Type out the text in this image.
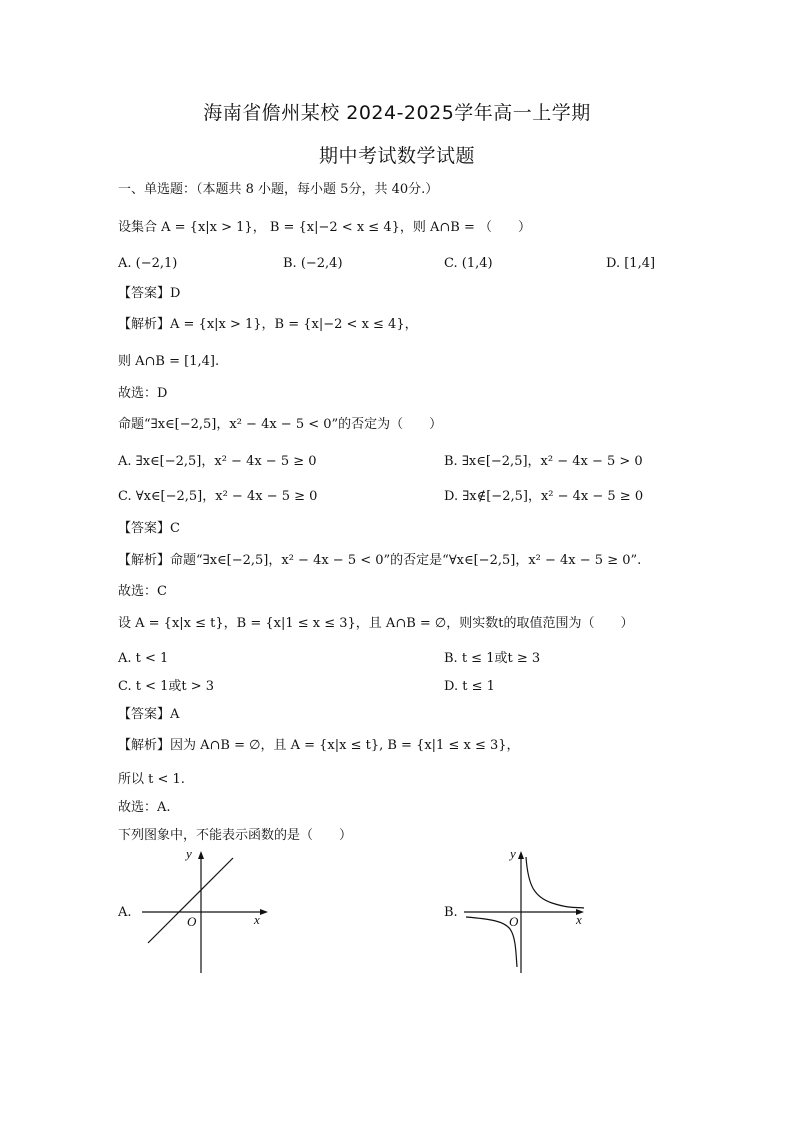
海南省儋州某校 2024-2025学年高一上学期
期中考试数学试题
一、单选题：（本题共 8 小题，每小题 5分，共 40分.）
设集合 A = {x|x > 1}， B = {x|−2 < x ≤ 4}，则 A∩B = （　　）
A. (−2,1)	B. (−2,4)	C. (1,4)	D. [1,4]
【答案】D
【解析】A = {x|x > 1}，B = {x|−2 < x ≤ 4}，
则 A∩B = [1,4].
故选：D
命题“∃x∈[−2,5]，x² − 4x − 5 < 0”的否定为（　　）
A. ∃x∈[−2,5]，x² − 4x − 5 ≥ 0	B. ∃x∈[−2,5]，x² − 4x − 5 > 0
C. ∀x∈[−2,5]，x² − 4x − 5 ≥ 0	D. ∃x∉[−2,5]，x² − 4x − 5 ≥ 0
【答案】C
【解析】命题“∃x∈[−2,5]，x² − 4x − 5 < 0”的否定是“∀x∈[−2,5]，x² − 4x − 5 ≥ 0”.
故选：C
设 A = {x|x ≤ t}，B = {x|1 ≤ x ≤ 3}，且 A∩B = ∅，则实数t的取值范围为（　　）
A. t < 1	B. t ≤ 1或t ≥ 3
C. t < 1或t > 3	D. t ≤ 1
【答案】A
【解析】因为 A∩B = ∅，且 A = {x|x ≤ t}, B = {x|1 ≤ x ≤ 3}，
所以 t < 1.
故选：A.
下列图象中，不能表示函数的是（　　）
A.
y
x
O
B.
y
x
O
